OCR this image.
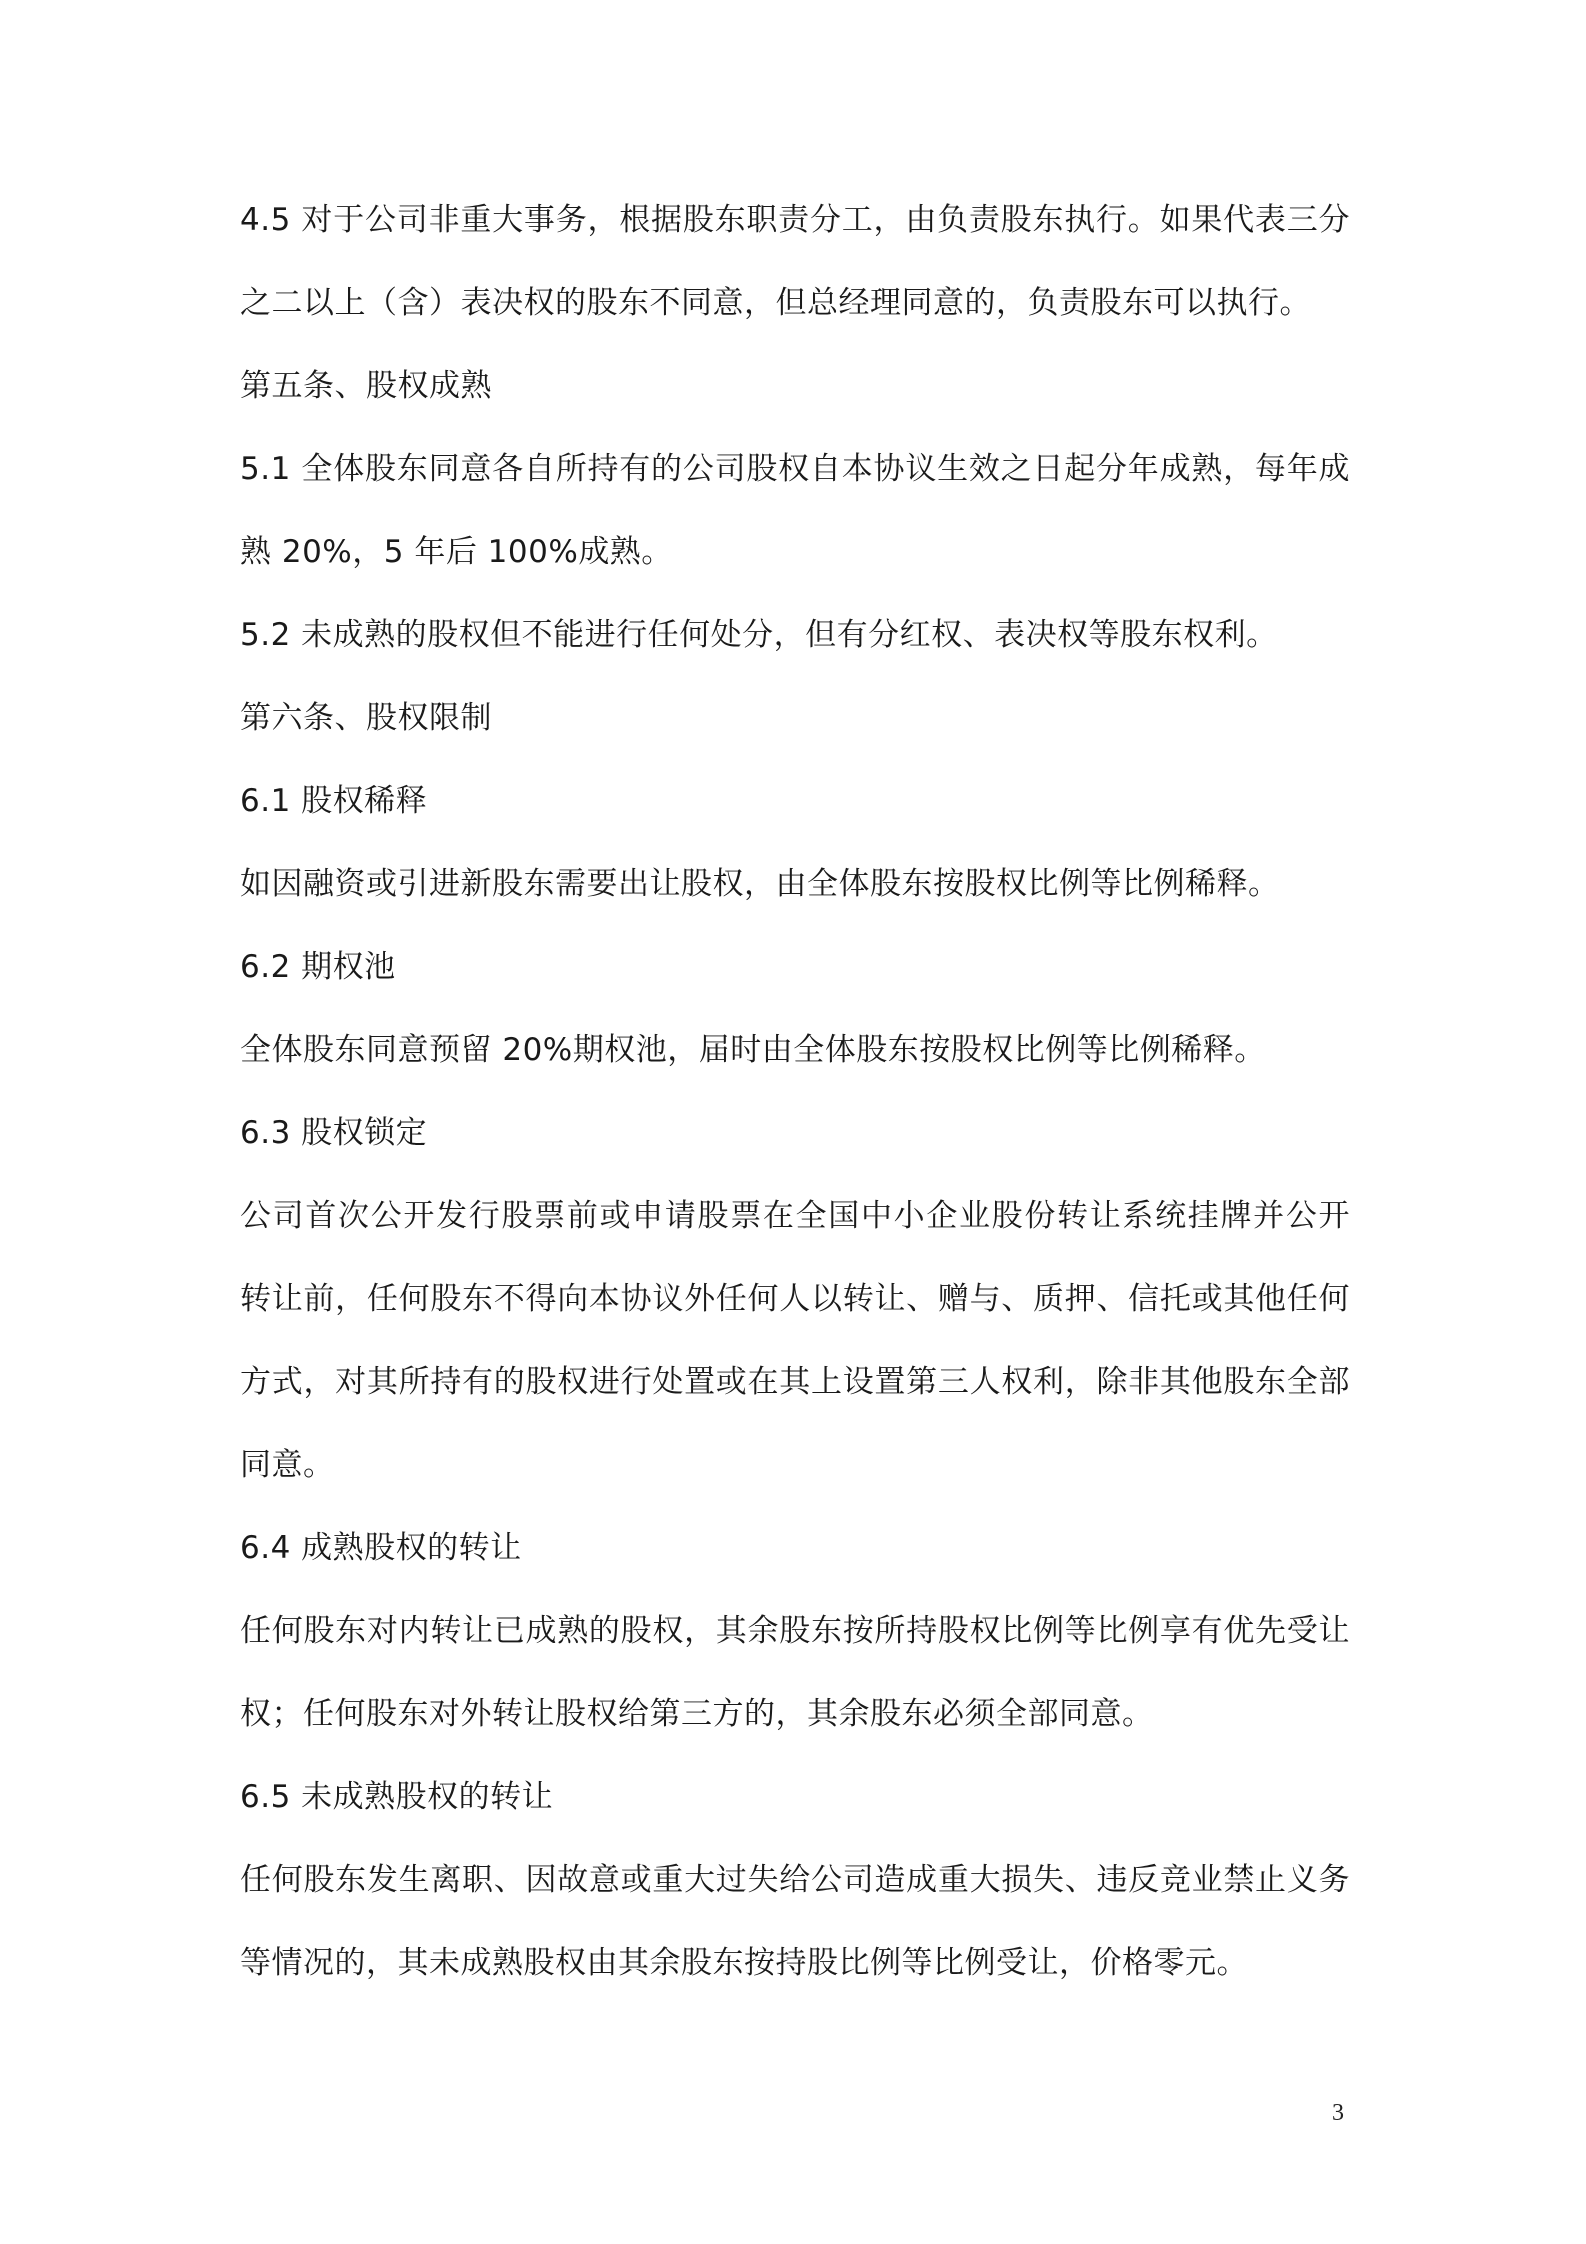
4.5 对于公司非重大事务，根据股东职责分工，由负责股东执行。如果代表三分
之二以上（含）表决权的股东不同意，但总经理同意的，负责股东可以执行。
第五条、股权成熟
5.1 全体股东同意各自所持有的公司股权自本协议生效之日起分年成熟，每年成
熟 20%，5 年后 100%成熟。
5.2 未成熟的股权但不能进行任何处分，但有分红权、表决权等股东权利。
第六条、股权限制
6.1 股权稀释
如因融资或引进新股东需要出让股权，由全体股东按股权比例等比例稀释。
6.2 期权池
全体股东同意预留 20%期权池，届时由全体股东按股权比例等比例稀释。
6.3 股权锁定
公司首次公开发行股票前或申请股票在全国中小企业股份转让系统挂牌并公开
转让前，任何股东不得向本协议外任何人以转让、赠与、质押、信托或其他任何
方式，对其所持有的股权进行处置或在其上设置第三人权利，除非其他股东全部
同意。
6.4 成熟股权的转让
任何股东对内转让已成熟的股权，其余股东按所持股权比例等比例享有优先受让
权；任何股东对外转让股权给第三方的，其余股东必须全部同意。
6.5 未成熟股权的转让
任何股东发生离职、因故意或重大过失给公司造成重大损失、违反竞业禁止义务
等情况的，其未成熟股权由其余股东按持股比例等比例受让，价格零元。
3
